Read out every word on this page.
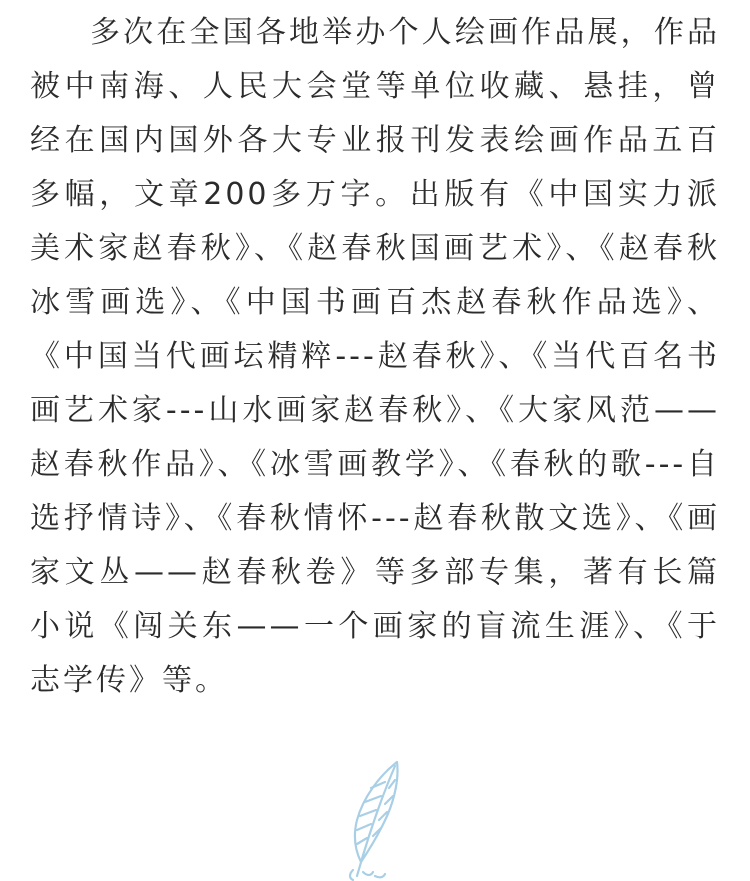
多次在全国各地举办个人绘画作品展，作品被中南海、人民大会堂等单位收藏、悬挂，曾经在国内国外各大专业报刊发表绘画作品五百多幅，文章200多万字。出版有《中国实力派美术家赵春秋》、《赵春秋国画艺术》、《赵春秋冰雪画选》、《中国书画百杰赵春秋作品选》、《中国当代画坛精粹---赵春秋》、《当代百名书画艺术家---山水画家赵春秋》、《大家风范——赵春秋作品》、《冰雪画教学》、《春秋的歌---自选抒情诗》、《春秋情怀---赵春秋散文选》、《画家文丛——赵春秋卷》等多部专集，著有长篇小说《闯关东——一个画家的盲流生涯》、《于志学传》等。
